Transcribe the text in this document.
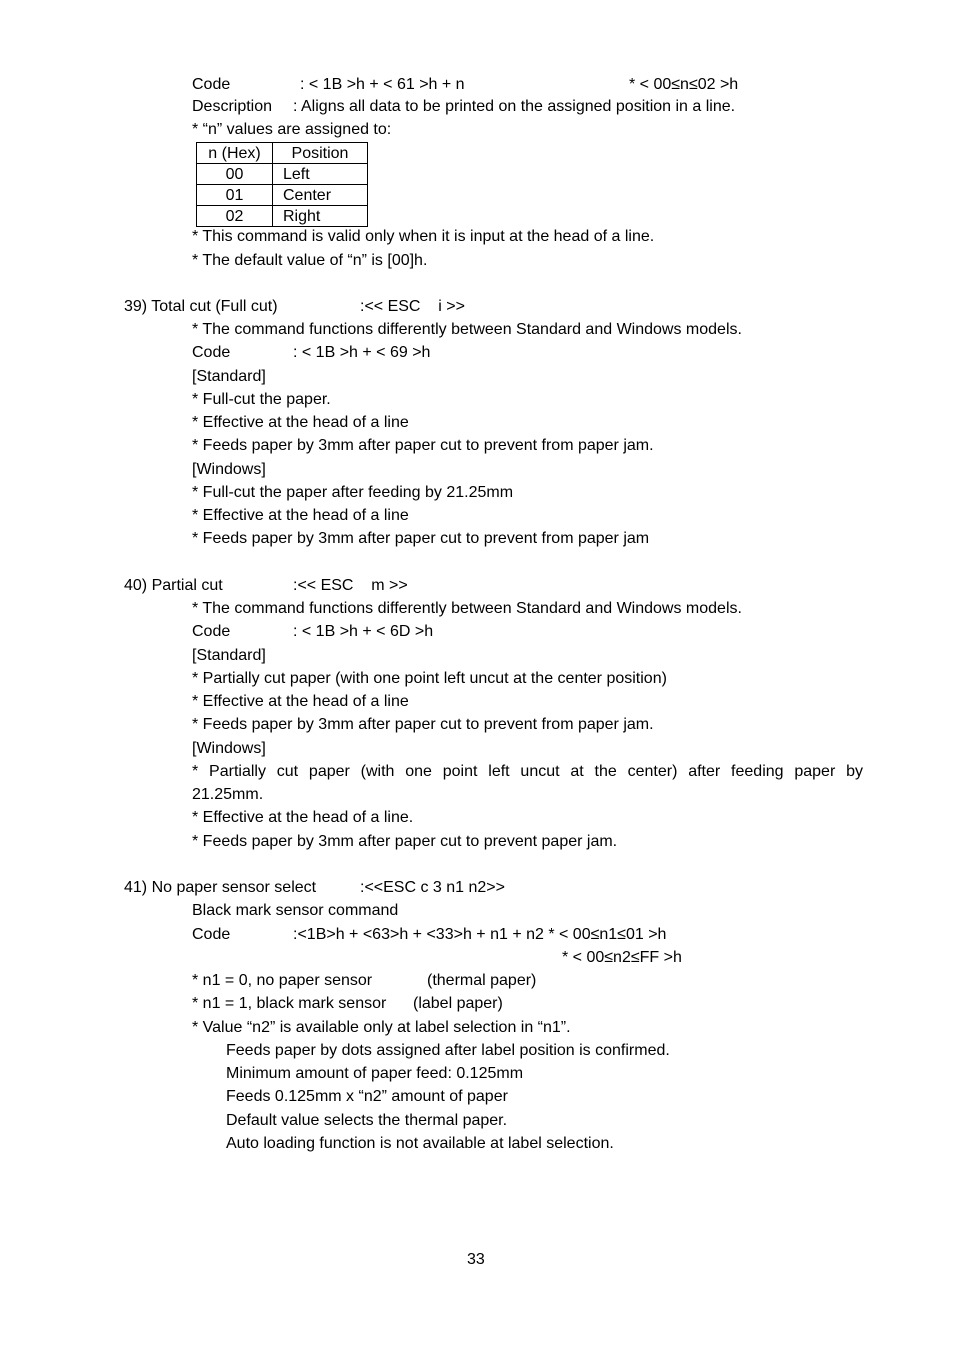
Code	: < 1B >h + < 61 >h + n	* < 00≤n≤02 >h
Description : Aligns all data to be printed on the assigned position in a line.
* “n” values are assigned to:
n (Hex)	Position
00	Left
01	Center
02	Right
* This command is valid only when it is input at the head of a line.
* The default value of “n” is [00]h.
39) Total cut (Full cut)	:<< ESC    i >>
* The command functions differently between Standard and Windows models.
Code	: < 1B >h + < 69 >h
[Standard]
* Full-cut the paper.
* Effective at the head of a line
* Feeds paper by 3mm after paper cut to prevent from paper jam.
[Windows]
* Full-cut the paper after feeding by 21.25mm
* Effective at the head of a line
* Feeds paper by 3mm after paper cut to prevent from paper jam
40) Partial cut	:<< ESC    m >>
* The command functions differently between Standard and Windows models.
Code	: < 1B >h + < 6D >h
[Standard]
* Partially cut paper (with one point left uncut at the center position)
* Effective at the head of a line
* Feeds paper by 3mm after paper cut to prevent from paper jam.
[Windows]
* Partially cut paper (with one point left uncut at the center) after feeding paper by
21.25mm.
* Effective at the head of a line.
* Feeds paper by 3mm after paper cut to prevent paper jam.
41) No paper sensor select	:<<ESC c 3 n1 n2>>
Black mark sensor command
Code	:<1B>h + <63>h + <33>h + n1 + n2 * < 00≤n1≤01 >h
* < 00≤n2≤FF >h
* n1 = 0, no paper sensor	(thermal paper)
* n1 = 1, black mark sensor (label paper)
* Value “n2” is available only at label selection in “n1”.
Feeds paper by dots assigned after label position is confirmed.
Minimum amount of paper feed: 0.125mm
Feeds 0.125mm x “n2” amount of paper
Default value selects the thermal paper.
Auto loading function is not available at label selection.
33
